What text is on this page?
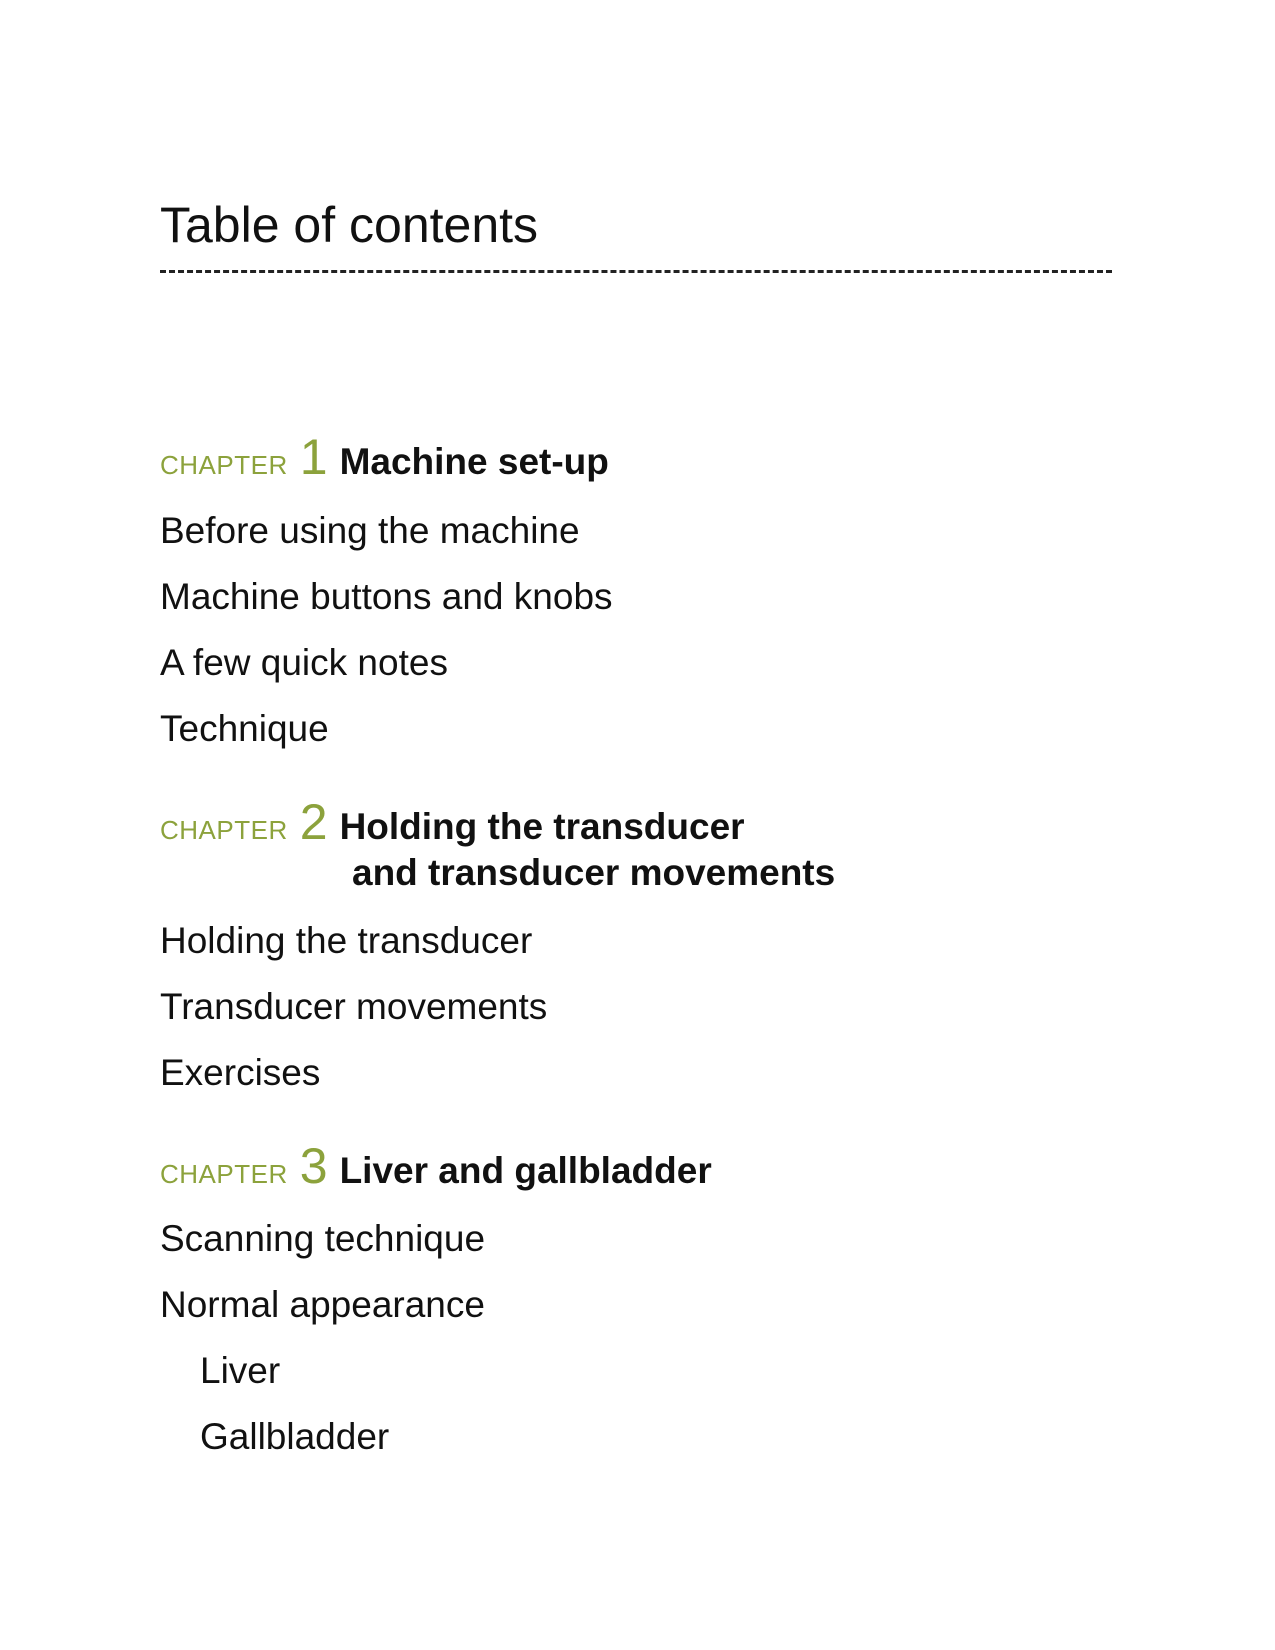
Table of contents
CHAPTER 1 Machine set-up
Before using the machine
Machine buttons and knobs
A few quick notes
Technique
CHAPTER 2 Holding the transducer
and transducer movements
Holding the transducer
Transducer movements
Exercises
CHAPTER 3 Liver and gallbladder
Scanning technique
Normal appearance
Liver
Gallbladder
